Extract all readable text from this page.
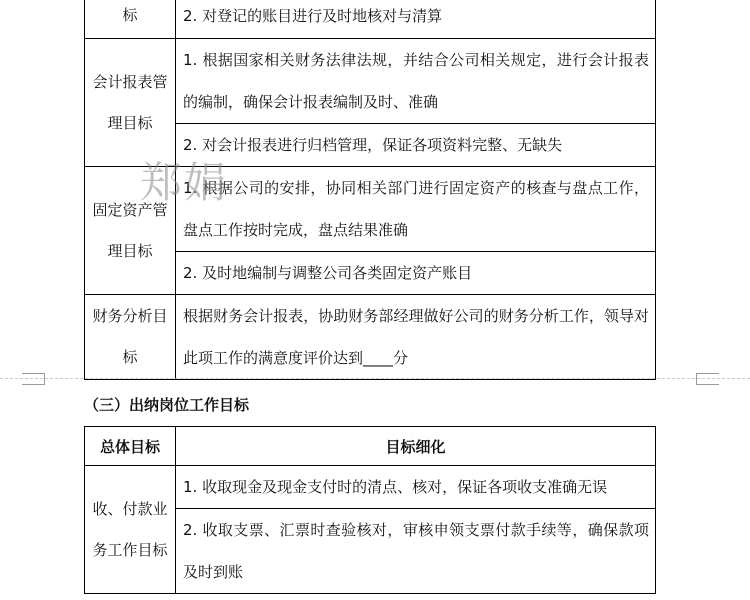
标	2. 对登记的账目进行及时地核对与清算
会计报表管理目标	1. 根据国家相关财务法律法规，并结合公司相关规定，进行会计报表的编制，确保会计报表编制及时、准确
	2. 对会计报表进行归档管理，保证各项资料完整、无缺失
固定资产管理目标	1. 根据公司的安排，协同相关部门进行固定资产的核查与盘点工作，盘点工作按时完成，盘点结果准确
	2. 及时地编制与调整公司各类固定资产账目
财务分析目标	根据财务会计报表，协助财务部经理做好公司的财务分析工作，领导对此项工作的满意度评价达到____分
（三）出纳岗位工作目标
总体目标	目标细化
收、付款业务工作目标	1. 收取现金及现金支付时的清点、核对，保证各项收支准确无误
	2. 收取支票、汇票时查验核对，审核申领支票付款手续等，确保款项及时到账
郑娟
